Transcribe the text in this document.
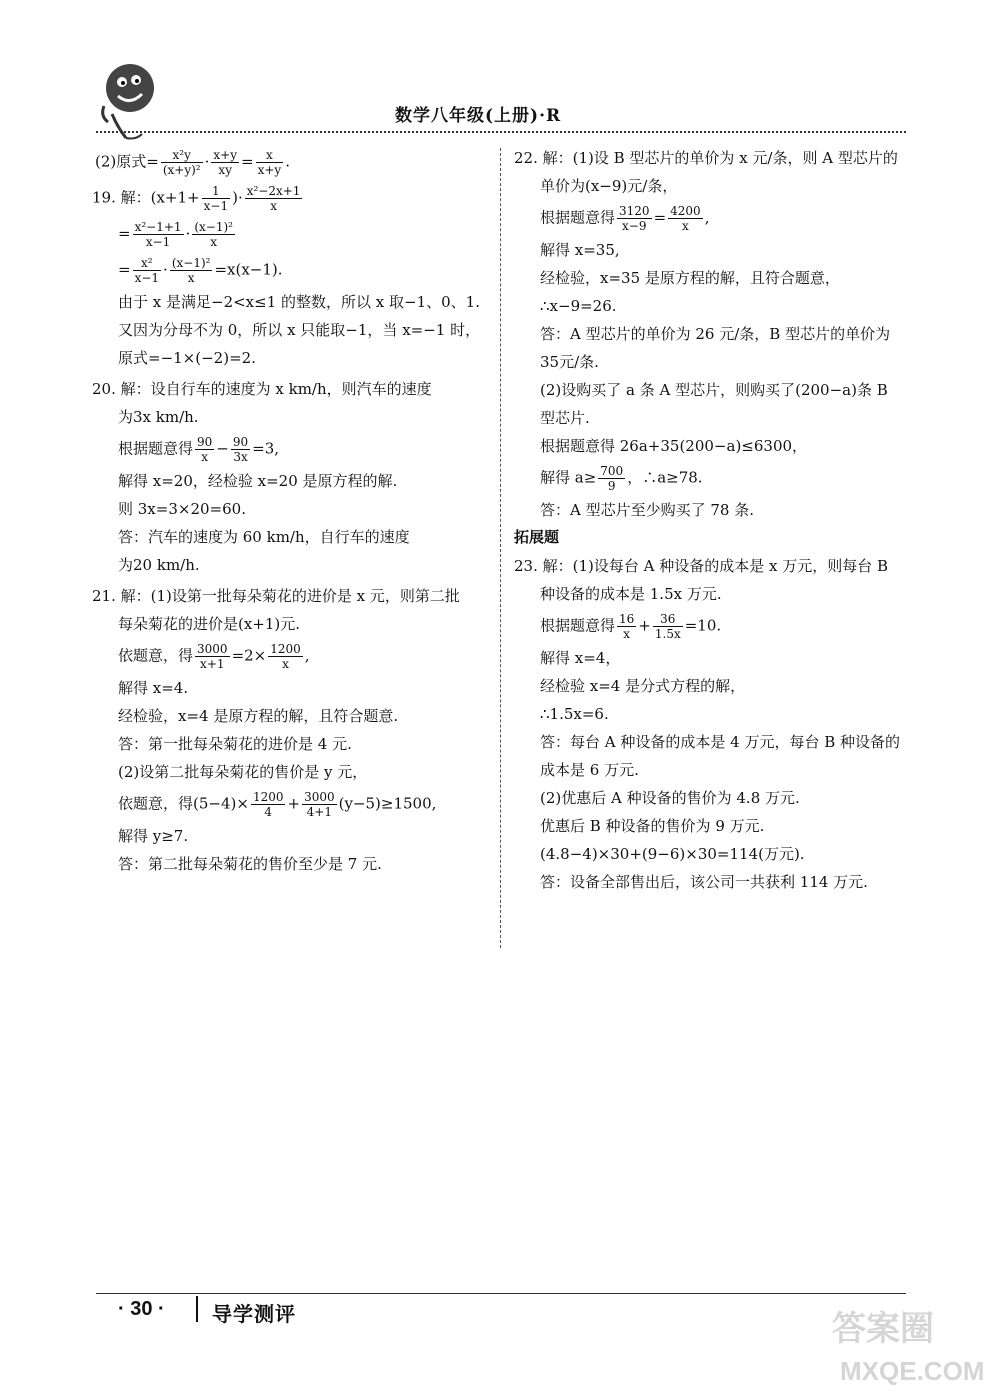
数学八年级(上册)·R
(2)原式= $\frac{\text{x²y}}{\text{(x+y)²}} \cdot \frac{x+y}{xy} = \frac{x}{x+y}$ .
19. 解：($x+1+ \frac{1}{x-1}$ )· $\frac{\text{x²−2x+1}}{x}$
= $\frac{\text{x²−1+1}}{x-1} \cdot \frac{\text{(x−1)²}}{x}$
= $\frac{\text{x²}}{x-1} \cdot \frac{\text{(x−1)²}}{x} =x(x-1)$.
由于 x 是满足−2<x≤1 的整数，所以 x 取−1、0、1.
又因为分母不为 0，所以 x 只能取−1，当 x=−1 时，
原式=−1×(−2)=2.
20. 解：设自行车的速度为 x km/h，则汽车的速度
为3x km/h.
根据题意得 $\frac{90}{x} - \frac{90}{3x} =3$,
解得 x=20，经检验 x=20 是原方程的解.
则 3x=3×20=60.
答：汽车的速度为 60 km/h，自行车的速度
为20 km/h.
21. 解：(1)设第一批每朵菊花的进价是 x 元，则第二批
每朵菊花的进价是(x+1)元.
依题意，得 $\frac{3000}{x+1} =2\times \frac{1200}{x}$ ,
解得 x=4.
经检验，x=4 是原方程的解，且符合题意.
答：第一批每朵菊花的进价是 4 元.
(2)设第二批每朵菊花的售价是 y 元，
依题意，得$(5-4)\times \frac{1200}{4} + \frac{3000}{4+1} (y-5)\ge 1500$,
解得 y≥7.
答：第二批每朵菊花的售价至少是 7 元.
22. 解：(1)设 B 型芯片的单价为 x 元/条，则 A 型芯片的
单价为(x−9)元/条，
根据题意得 $\frac{3120}{x-9} = \frac{4200}{x}$ ,
解得 x=35,
经检验，x=35 是原方程的解，且符合题意，
∴x−9=26.
答：A 型芯片的单价为 26 元/条，B 型芯片的单价为
35元/条.
(2)设购买了 a 条 A 型芯片，则购买了(200−a)条 B
型芯片.
根据题意得 26a+35(200−a)≤6300，
解得 $a\ge \frac{700}{9}$ ，∴a≥78.
答：A 型芯片至少购买了 78 条.
拓展题
23. 解：(1)设每台 A 种设备的成本是 x 万元，则每台 B
种设备的成本是 1.5x 万元.
根据题意得 $\frac{16}{x} + \frac{36}{1.5x} =10$.
解得 x=4，
经检验 x=4 是分式方程的解，
∴1.5x=6.
答：每台 A 种设备的成本是 4 万元，每台 B 种设备的
成本是 6 万元.
(2)优惠后 A 种设备的售价为 4.8 万元.
优惠后 B 种设备的售价为 9 万元.
(4.8−4)×30+(9−6)×30=114(万元).
答：设备全部售出后，该公司一共获利 114 万元.
· 30 · 导学测评	答案圈
MXQE.COM
